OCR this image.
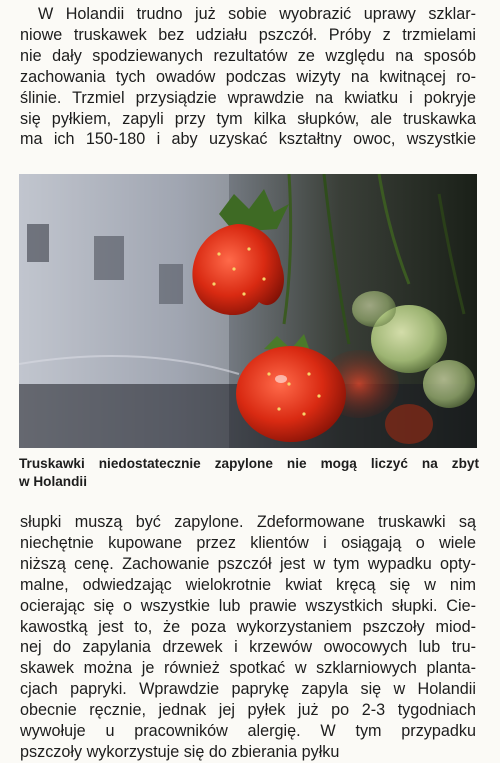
W Holandii trudno już sobie wyobrazić uprawy szklar-
niowe truskawek bez udziału pszczół. Próby z trzmielami
nie dały spodziewanych rezultatów ze względu na sposób
zachowania tych owadów podczas wizyty na kwitnącej ro-
ślinie. Trzmiel przysiądzie wprawdzie na kwiatku i pokryje
się pyłkiem, zapyli przy tym kilka słupków, ale truskawka
ma ich 150-180 i aby uzyskać kształtny owoc, wszystkie

Truskawki niedostatecznie zapylone nie mogą liczyć na zbyt
w Holandii

słupki muszą być zapylone. Zdeformowane truskawki są
niechętnie kupowane przez klientów i osiągają o wiele
niższą cenę. Zachowanie pszczół jest w tym wypadku opty-
malne, odwiedzając wielokrotnie kwiat kręcą się w nim
ocierając się o wszystkie lub prawie wszystkich słupki. Cie-
kawostką jest to, że poza wykorzystaniem pszczoły miod-
nej do zapylania drzewek i krzewów owocowych lub tru-
skawek można je również spotkać w szklarniowych planta-
cjach papryki. Wprawdzie paprykę zapyla się w Holandii
obecnie ręcznie, jednak jej pyłek już po 2-3 tygodniach
wywołuje u pracowników alergię. W tym przypadku
pszczoły wykorzystuje się do zbierania pyłku
